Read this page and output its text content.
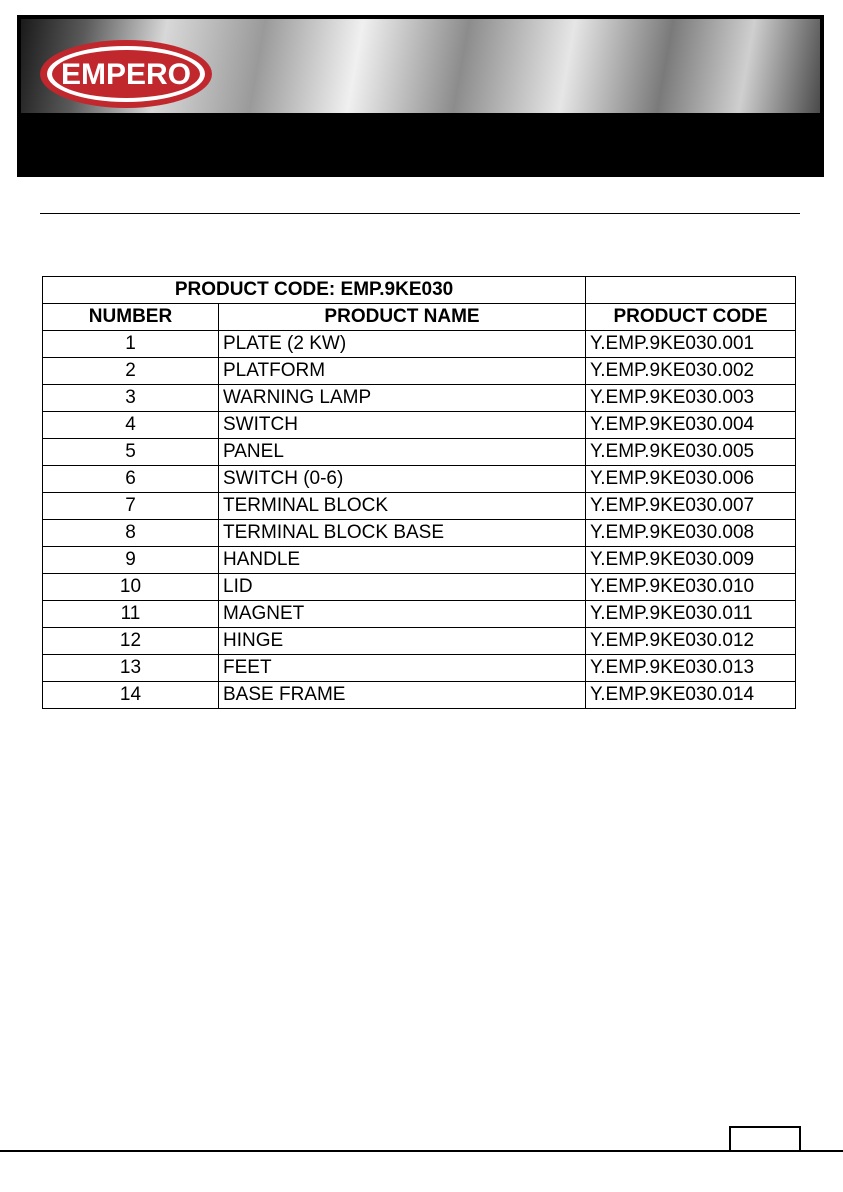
EMPERO
PRODUCT CODE: EMP.9KE030		
NUMBER	PRODUCT NAME	PRODUCT CODE
1	PLATE (2 KW)	Y.EMP.9KE030.001
2	PLATFORM	Y.EMP.9KE030.002
3	WARNING LAMP	Y.EMP.9KE030.003
4	SWITCH	Y.EMP.9KE030.004
5	PANEL	Y.EMP.9KE030.005
6	SWITCH (0-6)	Y.EMP.9KE030.006
7	TERMINAL BLOCK	Y.EMP.9KE030.007
8	TERMINAL BLOCK BASE	Y.EMP.9KE030.008
9	HANDLE	Y.EMP.9KE030.009
10	LID	Y.EMP.9KE030.010
11	MAGNET	Y.EMP.9KE030.011
12	HINGE	Y.EMP.9KE030.012
13	FEET	Y.EMP.9KE030.013
14	BASE FRAME	Y.EMP.9KE030.014
